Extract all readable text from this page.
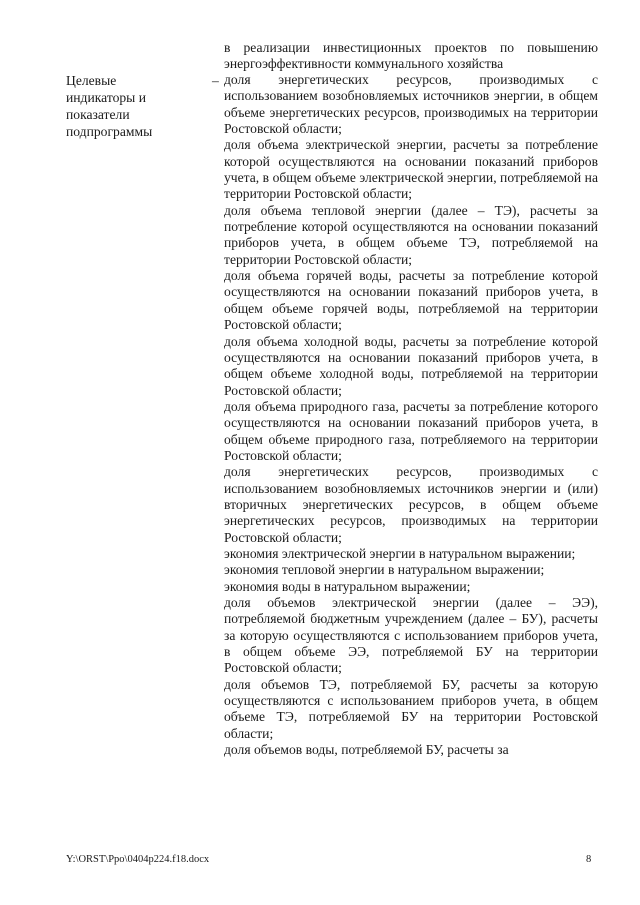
в реализации инвестиционных проектов по повышению энергоэффективности коммунального хозяйства

Целевые
индикаторы и
показатели
подпрограммы
– доля энергетических ресурсов, производимых с использованием возобновляемых источников энергии, в общем объеме энергетических ресурсов, производимых на территории Ростовской области;

доля объема электрической энергии, расчеты за потребление которой осуществляются на основании показаний приборов учета, в общем объеме электрической энергии, потребляемой на территории Ростовской области;

доля объема тепловой энергии (далее – ТЭ), расчеты за потребление которой осуществляются на основании показаний приборов учета, в общем объеме ТЭ, потребляемой на территории Ростовской области;

доля объема горячей воды, расчеты за потребление которой осуществляются на основании показаний приборов учета, в общем объеме горячей воды, потребляемой на территории Ростовской области;

доля объема холодной воды, расчеты за потребление которой осуществляются на основании показаний приборов учета, в общем объеме холодной воды, потребляемой на территории Ростовской области;

доля объема природного газа, расчеты за потребление которого осуществляются на основании показаний приборов учета, в общем объеме природного газа, потребляемого на территории Ростовской области;

доля энергетических ресурсов, производимых с использованием возобновляемых источников энергии и (или) вторичных энергетических ресурсов, в общем объеме энергетических ресурсов, производимых на территории Ростовской области;

экономия электрической энергии в натуральном выражении;

экономия тепловой энергии в натуральном выражении;

экономия воды в натуральном выражении;

доля объемов электрической энергии (далее – ЭЭ), потребляемой бюджетным учреждением (далее – БУ), расчеты за которую осуществляются с использованием приборов учета, в общем объеме ЭЭ, потребляемой БУ на территории Ростовской области;

доля объемов ТЭ, потребляемой БУ, расчеты за которую осуществляются с использованием приборов учета, в общем объеме ТЭ, потребляемой БУ на территории Ростовской области;

доля объемов воды, потребляемой БУ, расчеты за

Y:\ORST\Ppo\0404p224.f18.docx	8
